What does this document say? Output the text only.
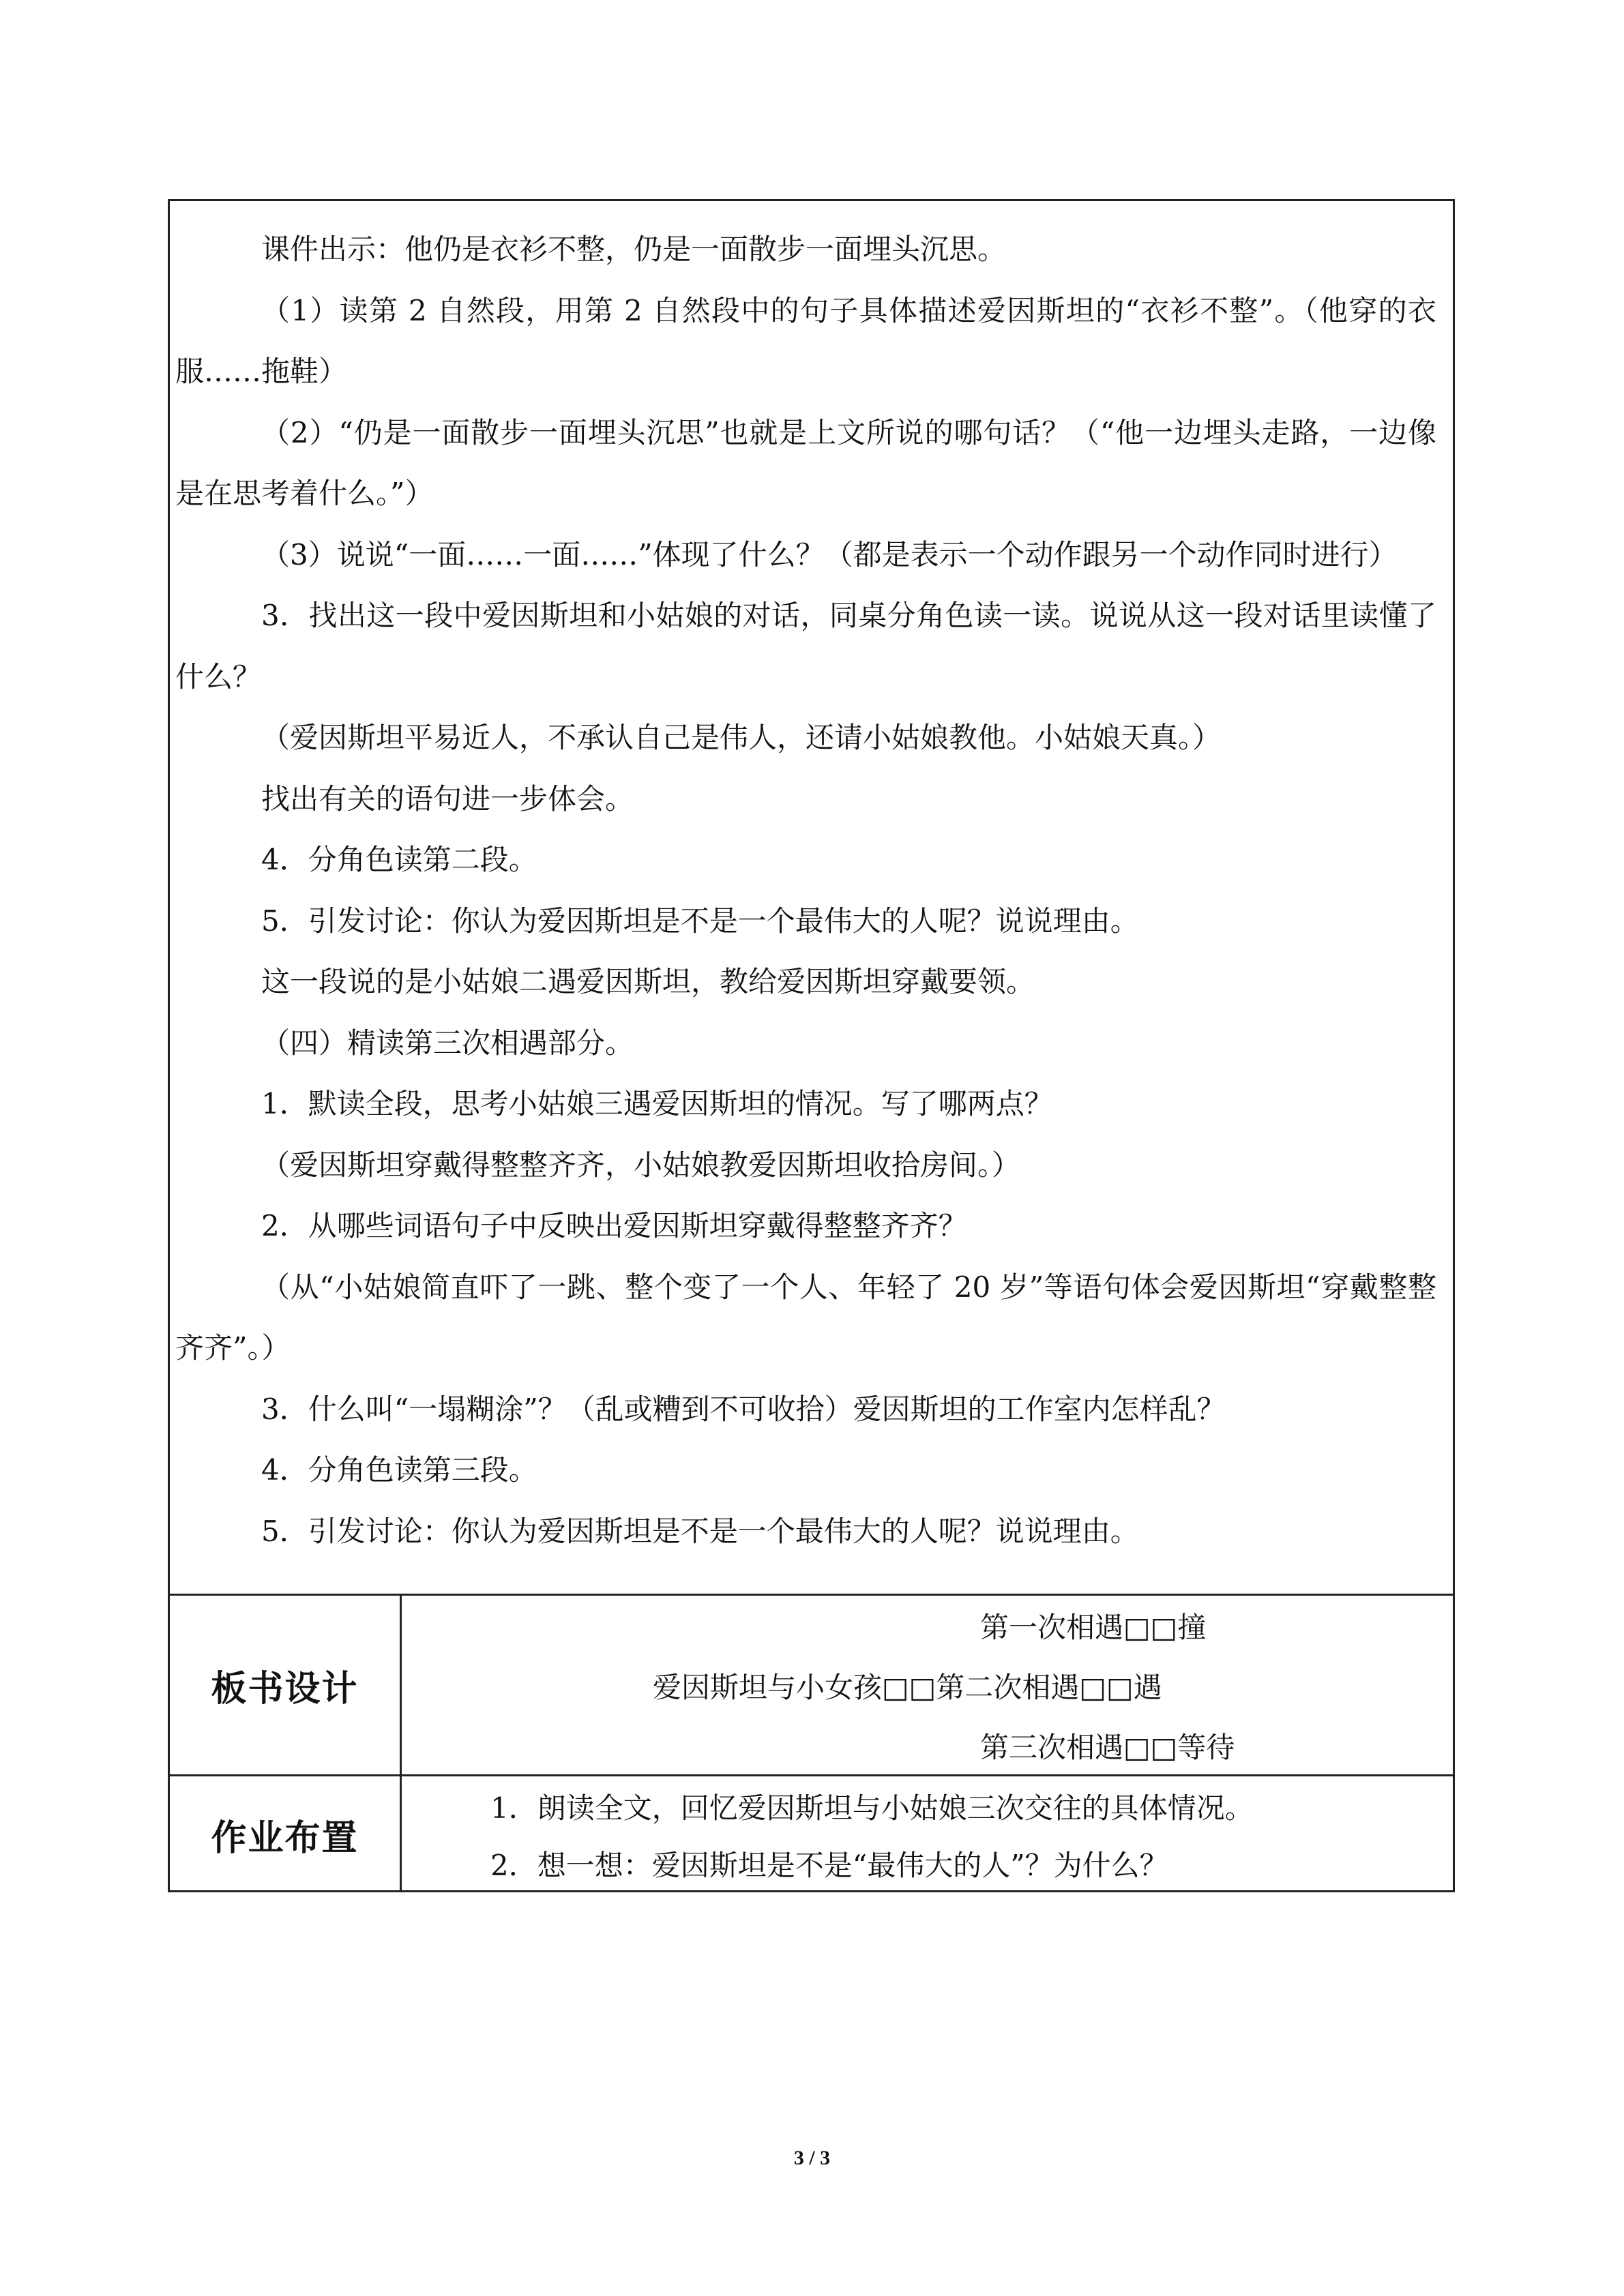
课件出示：他仍是衣衫不整，仍是一面散步一面埋头沉思。

（1）读第 2 自然段，用第 2 自然段中的句子具体描述爱因斯坦的“衣衫不整”。（他穿的衣服……拖鞋）

（2）“仍是一面散步一面埋头沉思”也就是上文所说的哪句话？（“他一边埋头走路，一边像是在思考着什么。”）

（3）说说“一面……一面……”体现了什么？（都是表示一个动作跟另一个动作同时进行）

3．找出这一段中爱因斯坦和小姑娘的对话，同桌分角色读一读。说说从这一段对话里读懂了什么？

（爱因斯坦平易近人，不承认自己是伟人，还请小姑娘教他。小姑娘天真。）

找出有关的语句进一步体会。

4．分角色读第二段。

5．引发讨论：你认为爱因斯坦是不是一个最伟大的人呢？说说理由。

这一段说的是小姑娘二遇爱因斯坦，教给爱因斯坦穿戴要领。

（四）精读第三次相遇部分。

1．默读全段，思考小姑娘三遇爱因斯坦的情况。写了哪两点？

（爱因斯坦穿戴得整整齐齐，小姑娘教爱因斯坦收拾房间。）

2．从哪些词语句子中反映出爱因斯坦穿戴得整整齐齐？

（从“小姑娘简直吓了一跳、整个变了一个人、年轻了 20 岁”等语句体会爱因斯坦“穿戴整整齐齐”。）

3．什么叫“一塌糊涂”？（乱或糟到不可收拾）爱因斯坦的工作室内怎样乱？

4．分角色读第三段。

5．引发讨论：你认为爱因斯坦是不是一个最伟大的人呢？说说理由。

板书设计
第一次相遇□□撞
爱因斯坦与小女孩□□第二次相遇□□遇
第三次相遇□□等待
作业布置
1．朗读全文，回忆爱因斯坦与小姑娘三次交往的具体情况。
2．想一想：爱因斯坦是不是“最伟大的人”？为什么？
3 / 3
